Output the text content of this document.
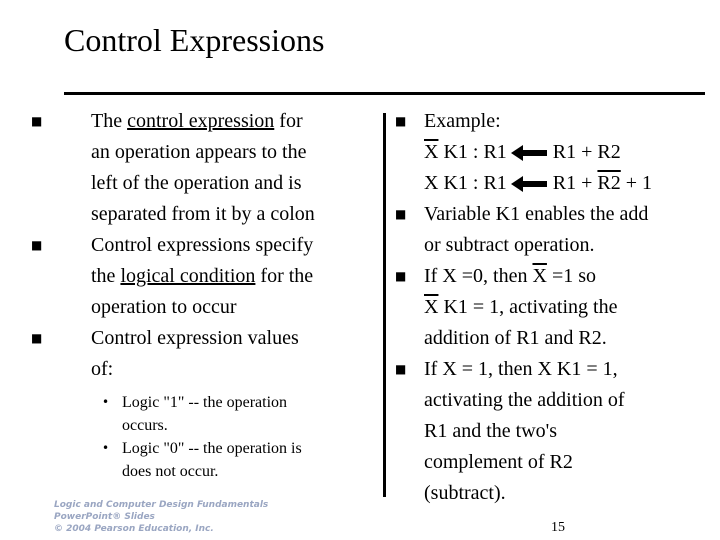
Control Expressions
■ The control expression for
an operation appears to the
left of the operation and is
separated from it by a colon
■ Control expressions specify
the logical condition for the
operation to occur
■ Control expression values
of:
• Logic "1" -- the operation
occurs.
• Logic "0" -- the operation is
does not occur.
■ Example:
$\overline{X}$ K1 : R1 R1 + R 2
X K1 : R1 R1 + R2 + 1
■ Variable K1 enables the add
or subtract operation.
■ If X =0, then $\overline{X} =1$ so
$\overline{X}$ K1 = 1, activating the
addition of R1 and R2.
■ If X = 1, then X K1 = 1,
activating the addition of
R1 and the two's
complement of R2
(subtract).
Logic and Computer Design Fundamentals
PowerPoint® Slides
© 2004 Pearson Education, Inc.	15
